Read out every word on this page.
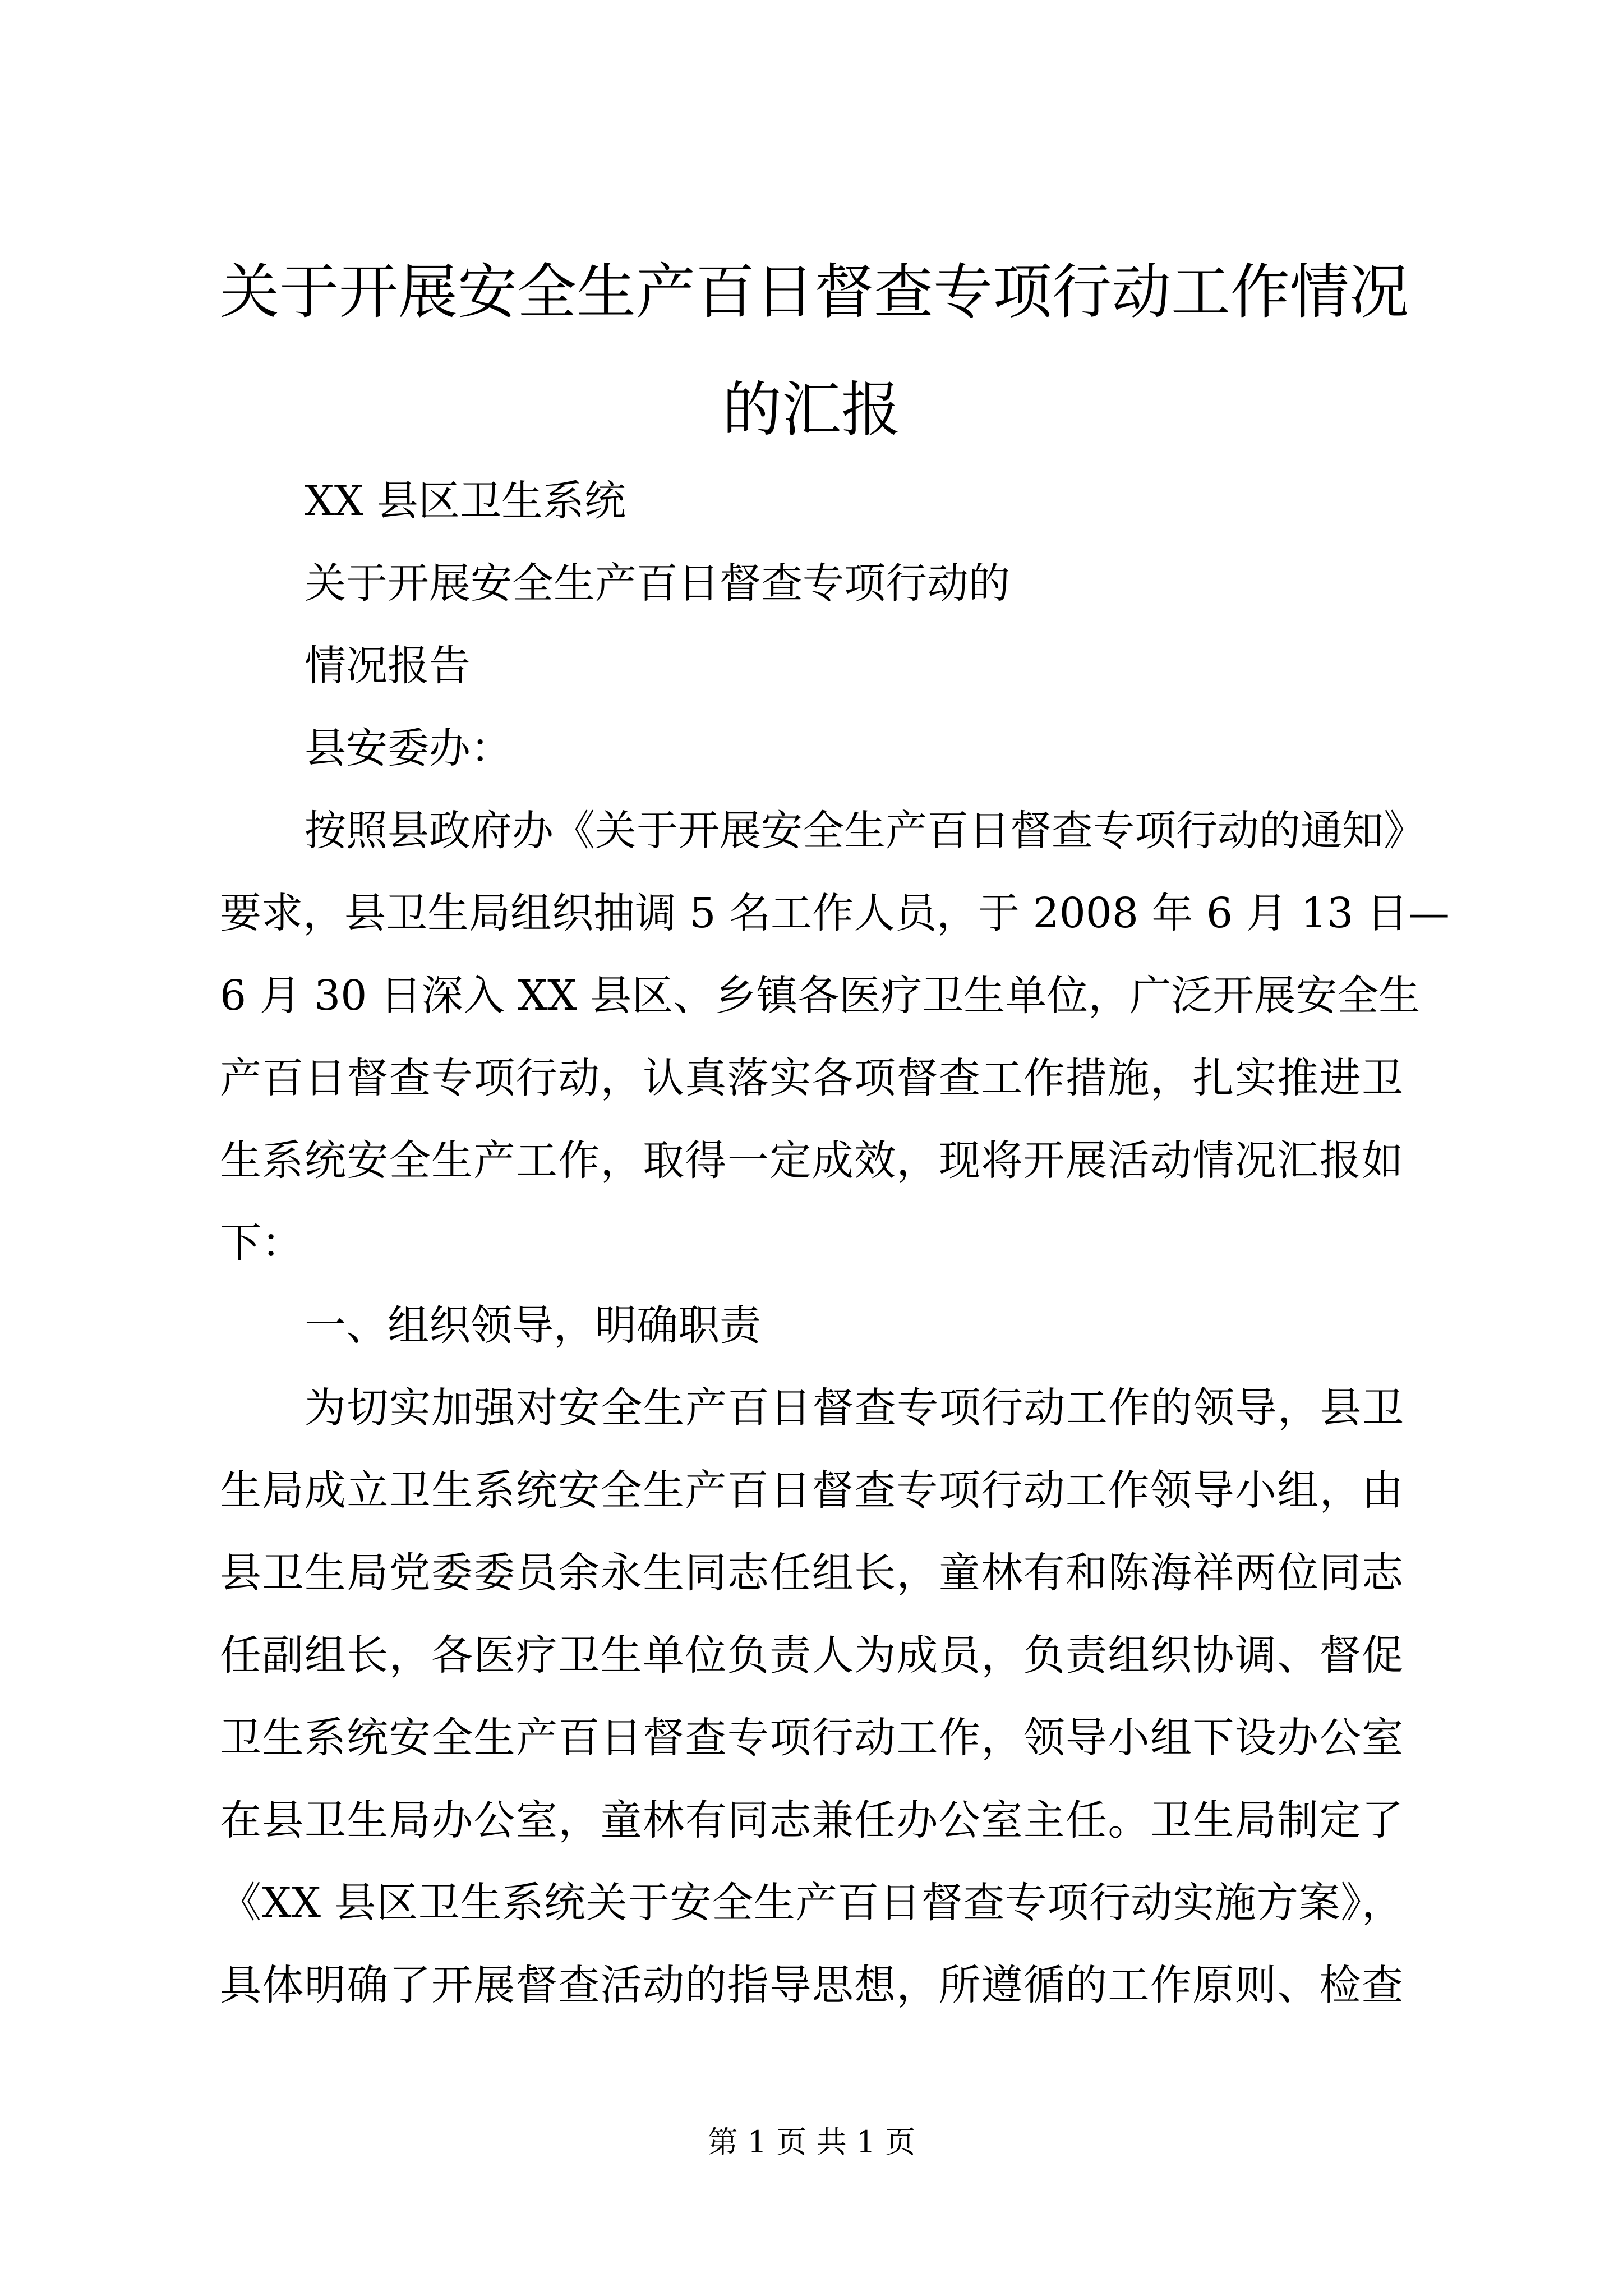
关于开展安全生产百日督查专项行动工作情况
的汇报
XX 县区卫生系统
关于开展安全生产百日督查专项行动的
情况报告
县安委办：
按照县政府办《关于开展安全生产百日督查专项行动的通知》
要求，县卫生局组织抽调 5 名工作人员，于 2008 年 6 月 13 日—
6 月 30 日深入 XX 县区、乡镇各医疗卫生单位，广泛开展安全生
产百日督查专项行动，认真落实各项督查工作措施，扎实推进卫
生系统安全生产工作，取得一定成效，现将开展活动情况汇报如
下：
一、组织领导，明确职责
为切实加强对安全生产百日督查专项行动工作的领导，县卫
生局成立卫生系统安全生产百日督查专项行动工作领导小组，由
县卫生局党委委员余永生同志任组长，童林有和陈海祥两位同志
任副组长，各医疗卫生单位负责人为成员，负责组织协调、督促
卫生系统安全生产百日督查专项行动工作，领导小组下设办公室
在县卫生局办公室，童林有同志兼任办公室主任。卫生局制定了
《XX 县区卫生系统关于安全生产百日督查专项行动实施方案》，
具体明确了开展督查活动的指导思想，所遵循的工作原则、检查
第 1 页 共 1 页
